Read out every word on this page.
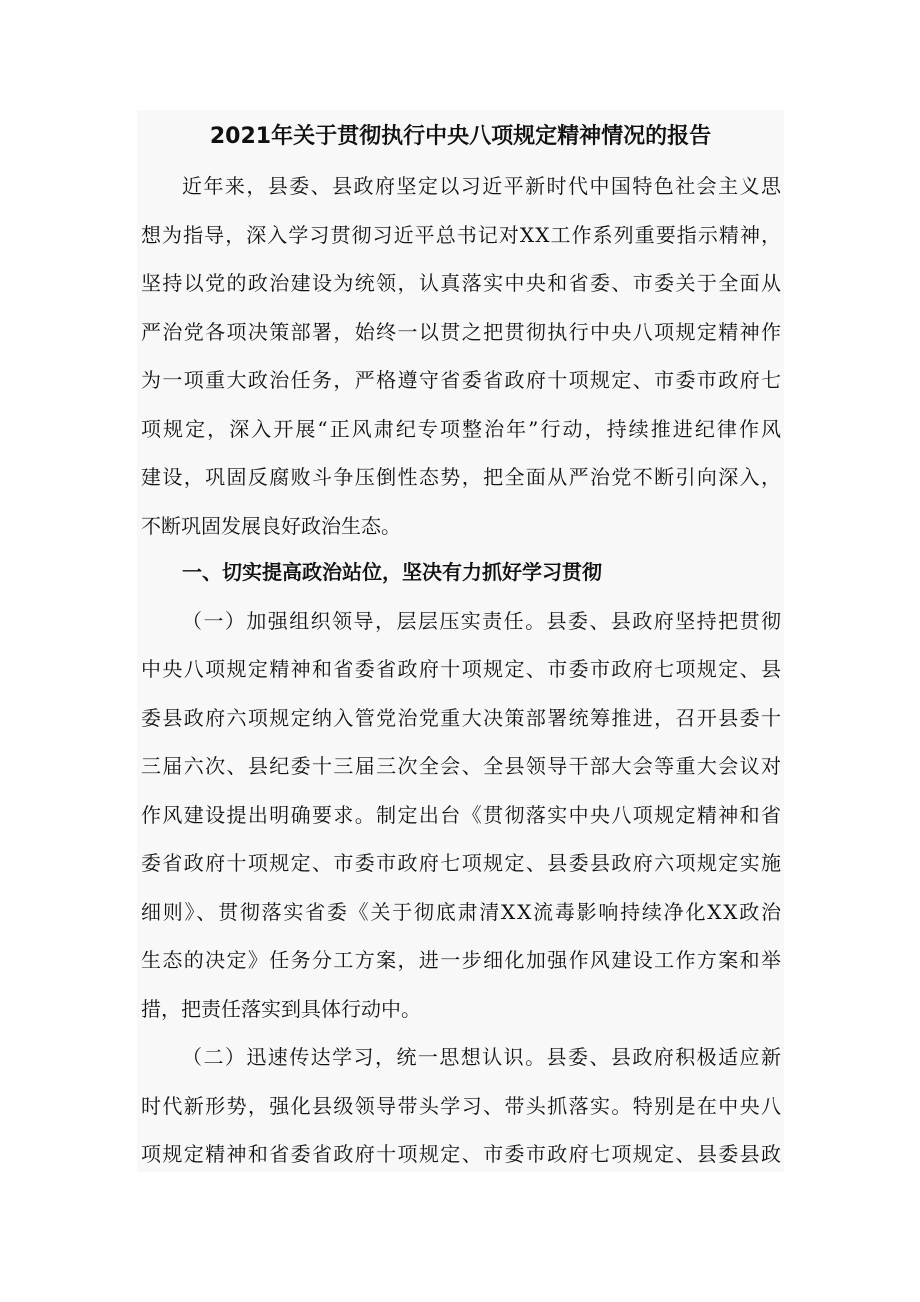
2021年关于贯彻执行中央八项规定精神情况的报告
近年来，县委、县政府坚定以习近平新时代中国特色社会主义思
想为指导，深入学习贯彻习近平总书记对XX工作系列重要指示精神，
坚持以党的政治建设为统领，认真落实中央和省委、市委关于全面从
严治党各项决策部署，始终一以贯之把贯彻执行中央八项规定精神作
为一项重大政治任务，严格遵守省委省政府十项规定、市委市政府七
项规定，深入开展“正风肃纪专项整治年”行动，持续推进纪律作风
建设，巩固反腐败斗争压倒性态势，把全面从严治党不断引向深入，
不断巩固发展良好政治生态。
一、切实提高政治站位，坚决有力抓好学习贯彻
（一）加强组织领导，层层压实责任。县委、县政府坚持把贯彻
中央八项规定精神和省委省政府十项规定、市委市政府七项规定、县
委县政府六项规定纳入管党治党重大决策部署统筹推进，召开县委十
三届六次、县纪委十三届三次全会、全县领导干部大会等重大会议对
作风建设提出明确要求。制定出台《贯彻落实中央八项规定精神和省
委省政府十项规定、市委市政府七项规定、县委县政府六项规定实施
细则》、贯彻落实省委《关于彻底肃清XX流毒影响持续净化XX政治
生态的决定》任务分工方案，进一步细化加强作风建设工作方案和举
措，把责任落实到具体行动中。
（二）迅速传达学习，统一思想认识。县委、县政府积极适应新
时代新形势，强化县级领导带头学习、带头抓落实。特别是在中央八
项规定精神和省委省政府十项规定、市委市政府七项规定、县委县政
